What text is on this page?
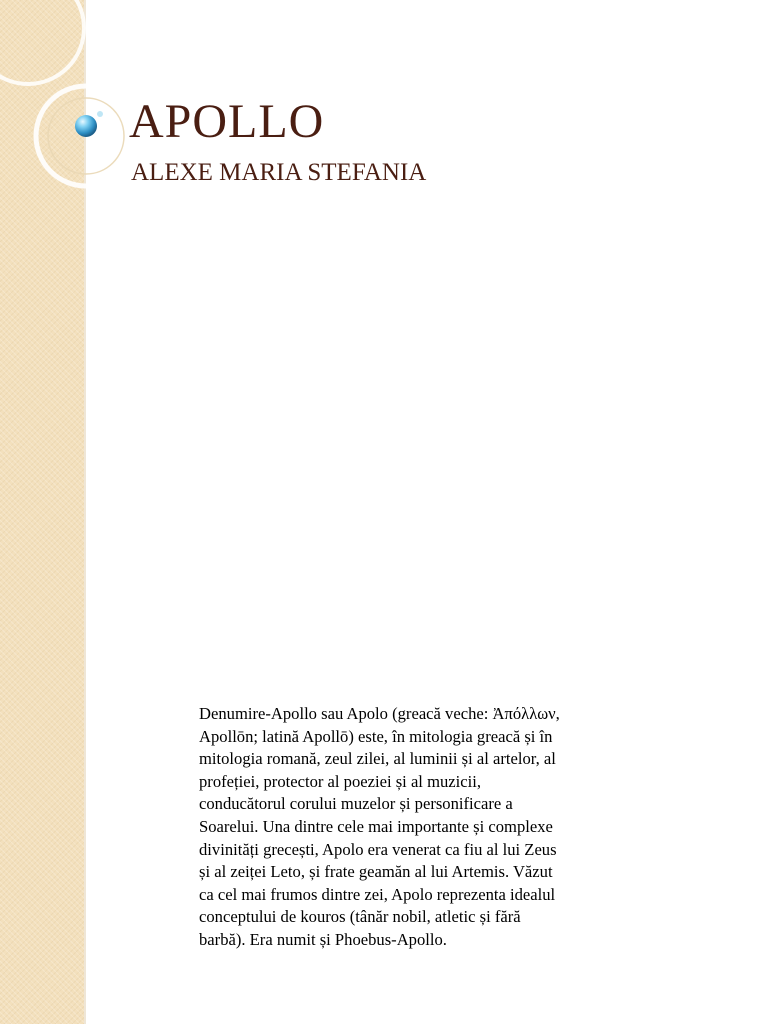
APOLLO
ALEXE MARIA STEFANIA

Denumire-Apollo sau Apolo (greacă veche: Ἀπόλλων, Apollōn; latină Apollō) este, în mitologia greacă și în mitologia romană, zeul zilei, al luminii și al artelor, al profeției, protector al poeziei și al muzicii, conducătorul corului muzelor și personificare a Soarelui. Una dintre cele mai importante și complexe divinități grecești, Apolo era venerat ca fiu al lui Zeus și al zeiței Leto, și frate geamăn al lui Artemis. Văzut ca cel mai frumos dintre zei, Apolo reprezenta idealul conceptului de kouros (tânăr nobil, atletic și fără barbă). Era numit și Phoebus-Apollo.
